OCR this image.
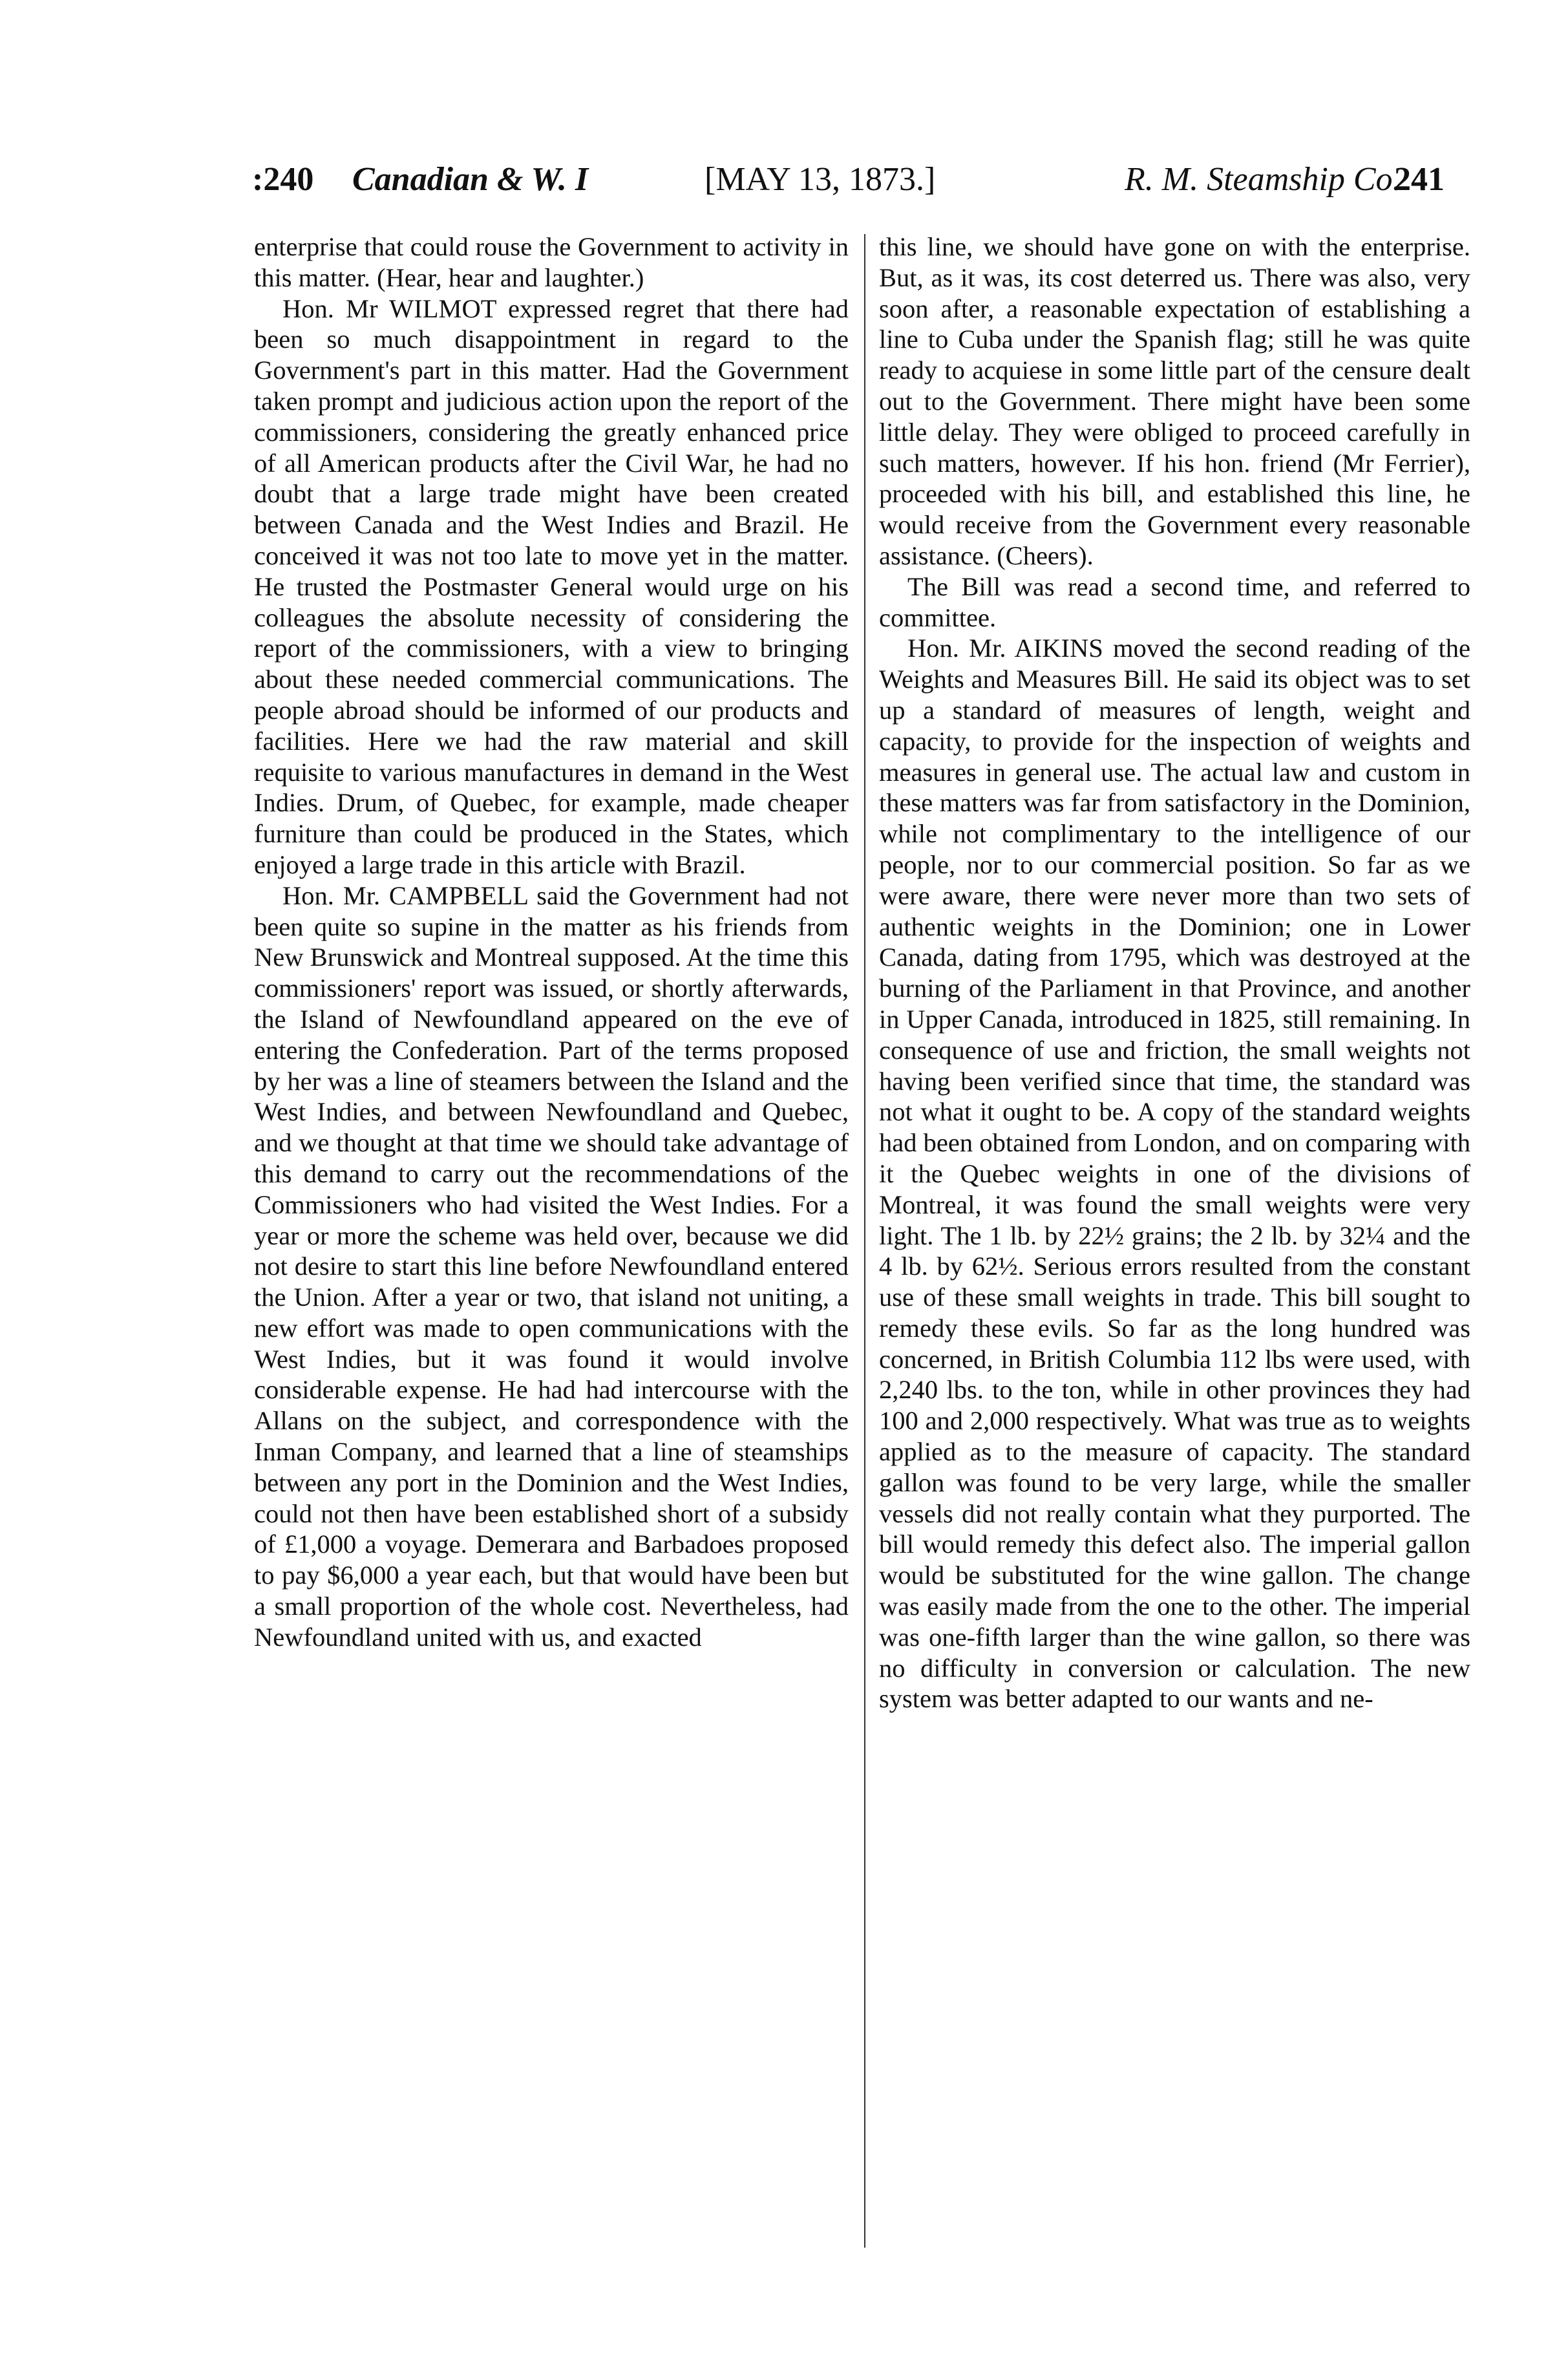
:240 Canadian & W. I	[MAY 13, 1873.]	R. M. Steamship Co.
241

enterprise that could rouse the Government to activity in this matter. (Hear, hear and laughter.)

Hon. Mr WILMOT expressed regret that there had been so much disappointment in regard to the Government's part in this matter. Had the Government taken prompt and judicious action upon the report of the commissioners, considering the greatly enhanced price of all American products after the Civil War, he had no doubt that a large trade might have been created between Canada and the West Indies and Brazil. He conceived it was not too late to move yet in the matter. He trusted the Postmaster General would urge on his colleagues the absolute necessity of considering the report of the commissioners, with a view to bringing about these needed commercial communications. The people abroad should be informed of our products and facilities. Here we had the raw material and skill requisite to various manufactures in demand in the West Indies. Drum, of Quebec, for example, made cheaper furniture than could be produced in the States, which enjoyed a large trade in this article with Brazil.

Hon. Mr. CAMPBELL said the Government had not been quite so supine in the matter as his friends from New Brunswick and Montreal supposed. At the time this commissioners' report was issued, or shortly afterwards, the Island of Newfoundland appeared on the eve of entering the Confederation. Part of the terms proposed by her was a line of steamers between the Island and the West Indies, and between Newfoundland and Quebec, and we thought at that time we should take advantage of this demand to carry out the recommendations of the Commissioners who had visited the West Indies. For a year or more the scheme was held over, because we did not desire to start this line before Newfoundland entered the Union. After a year or two, that island not uniting, a new effort was made to open communications with the West Indies, but it was found it would involve considerable expense. He had had intercourse with the Allans on the subject, and correspondence with the Inman Company, and learned that a line of steamships between any port in the Dominion and the West Indies, could not then have been established short of a subsidy of £1,000 a voyage. Demerara and Barbadoes proposed to pay $6,000 a year each, but that would have been but a small proportion of the whole cost. Nevertheless, had Newfoundland united with us, and exacted

this line, we should have gone on with the enterprise. But, as it was, its cost deterred us. There was also, very soon after, a reasonable expectation of establishing a line to Cuba under the Spanish flag; still he was quite ready to acquiese in some little part of the censure dealt out to the Government. There might have been some little delay. They were obliged to proceed carefully in such matters, however. If his hon. friend (Mr Ferrier), proceeded with his bill, and established this line, he would receive from the Government every reasonable assistance. (Cheers).

The Bill was read a second time, and referred to committee.

Hon. Mr. AIKINS moved the second reading of the Weights and Measures Bill. He said its object was to set up a standard of measures of length, weight and capacity, to provide for the inspection of weights and measures in general use. The actual law and custom in these matters was far from satisfactory in the Dominion, while not complimentary to the intelligence of our people, nor to our commercial position. So far as we were aware, there were never more than two sets of authentic weights in the Dominion; one in Lower Canada, dating from 1795, which was destroyed at the burning of the Parliament in that Province, and another in Upper Canada, introduced in 1825, still remaining. In consequence of use and friction, the small weights not having been verified since that time, the standard was not what it ought to be. A copy of the standard weights had been obtained from London, and on comparing with it the Quebec weights in one of the divisions of Montreal, it was found the small weights were very light. The 1 lb. by 22½ grains; the 2 lb. by 32¼ and the 4 lb. by 62½. Serious errors resulted from the constant use of these small weights in trade. This bill sought to remedy these evils. So far as the long hundred was concerned, in British Columbia 112 lbs were used, with 2,240 lbs. to the ton, while in other provinces they had 100 and 2,000 respectively. What was true as to weights applied as to the measure of capacity. The standard gallon was found to be very large, while the smaller vessels did not really contain what they purported. The bill would remedy this defect also. The imperial gallon would be substituted for the wine gallon. The change was easily made from the one to the other. The imperial was one-fifth larger than the wine gallon, so there was no difficulty in conversion or calculation. The new system was better adapted to our wants and ne-
